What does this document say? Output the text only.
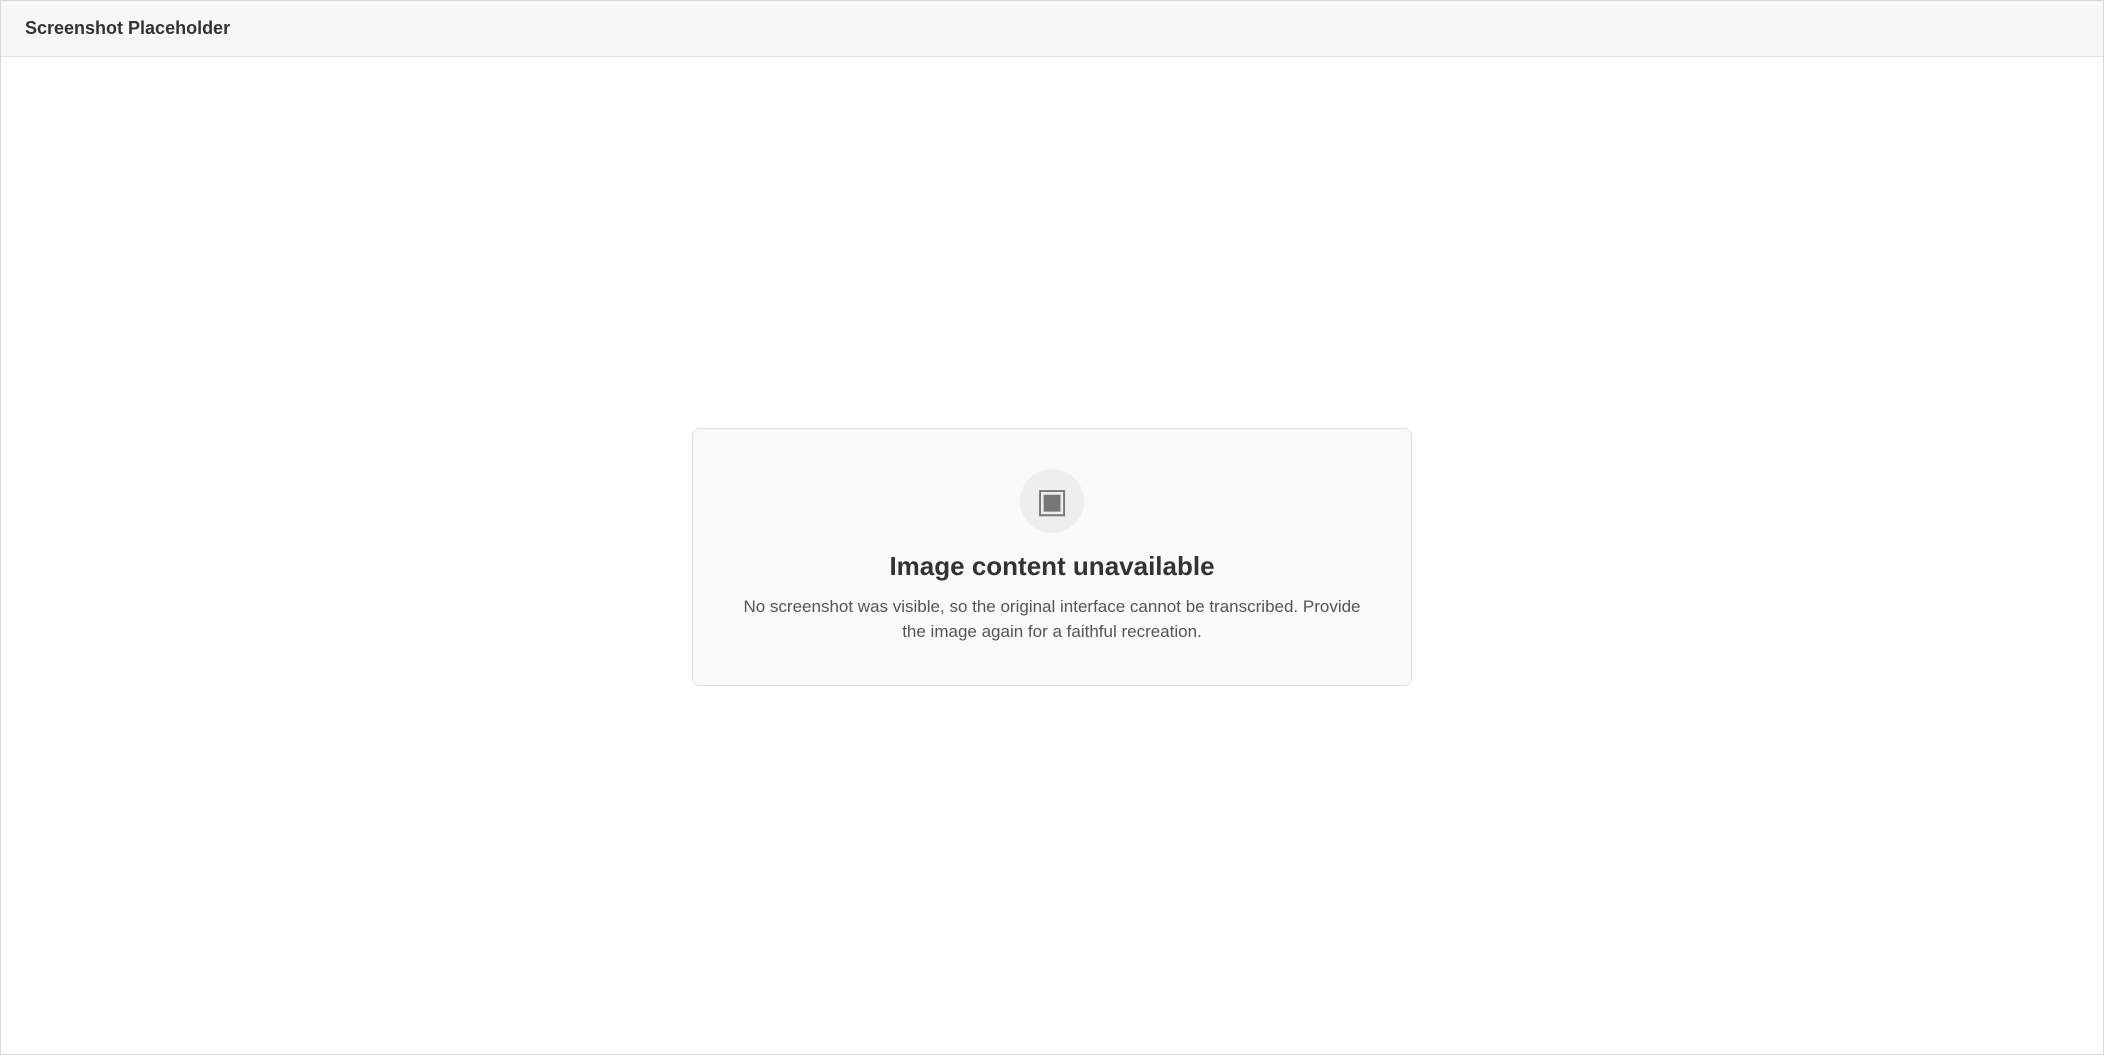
Screenshot Placeholder
▣
Image content unavailable

No screenshot was visible, so the original interface cannot be transcribed. Provide the image again for a faithful recreation.
